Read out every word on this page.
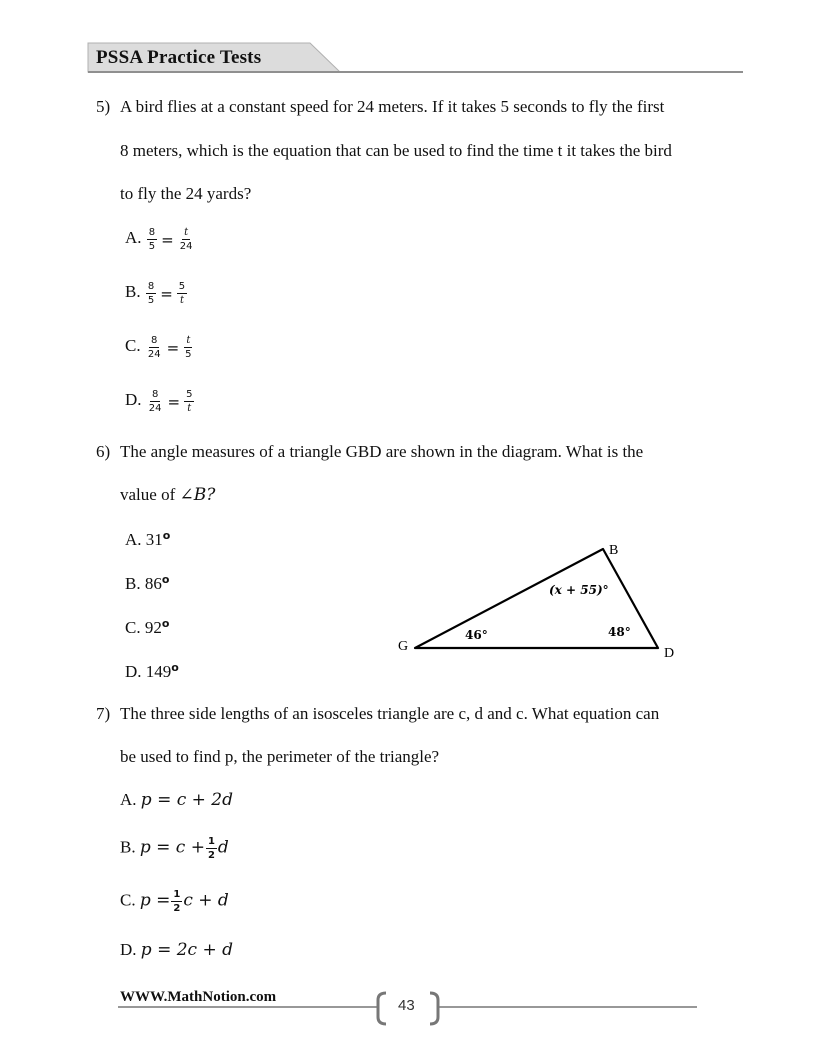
PSSA Practice Tests
5) A bird flies at a constant speed for 24 meters. If it takes 5 seconds to fly the first
8 meters, which is the equation that can be used to find the time t it takes the bird
to fly the 24 yards?
A. $\frac{8}{5} = \frac{t}{24}$
B. $\frac{8}{5} = \frac{5}{t}$
C. $\frac{8}{24} = \frac{t}{5}$
D. $\frac{8}{24} = \frac{5}{t}$
6) The angle measures of a triangle GBD are shown in the diagram. What is the
value of ∠B?
A. 31$^o$
B. 86$^o$
C. 92$^o$
D. 149$^o$
G
B
D
46°	48°
(x + 55)°
7) The three side lengths of an isosceles triangle are c, d and c. What equation can
be used to find p, the perimeter of the triangle?
A. p = c + 2d
B. $p = c + \frac{1}{2}$ d
C. $p = \frac{1}{2}$ c + d
D. p = 2c + d
WWW.MathNotion.com	43
